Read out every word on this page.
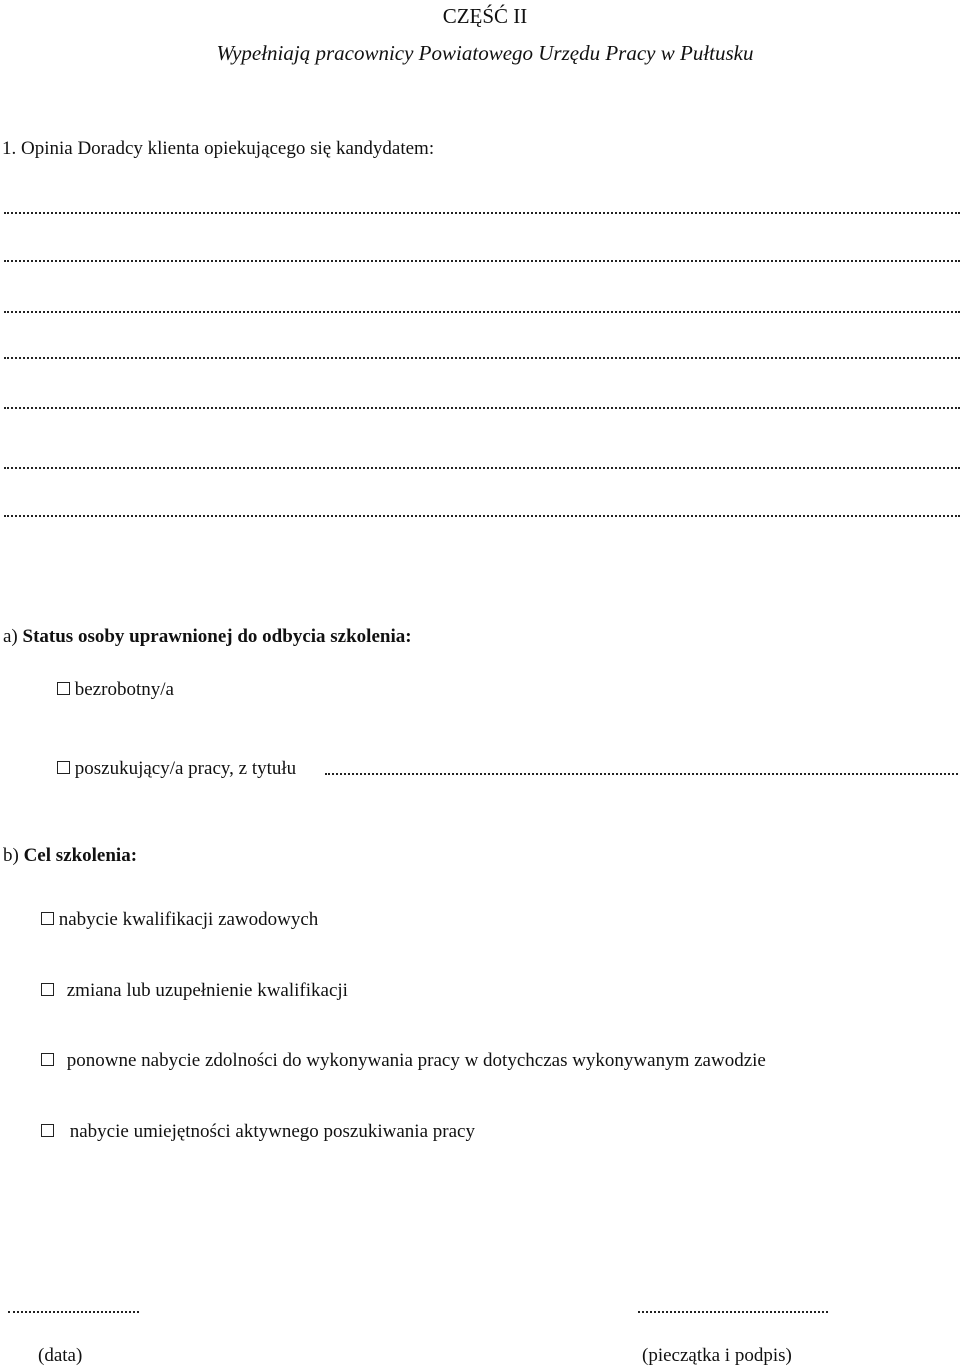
CZĘŚĆ II
Wypełniają pracownicy Powiatowego Urzędu Pracy w Pułtusku
1. Opinia Doradcy klienta opiekującego się kandydatem:
a) Status osoby uprawnionej do odbycia szkolenia:
bezrobotny/a
poszukujący/a pracy, z tytułu
b) Cel szkolenia:
nabycie kwalifikacji zawodowych
zmiana lub uzupełnienie kwalifikacji
ponowne nabycie zdolności do wykonywania pracy w dotychczas wykonywanym zawodzie
nabycie umiejętności aktywnego poszukiwania pracy
(data)	(pieczątka i podpis)
